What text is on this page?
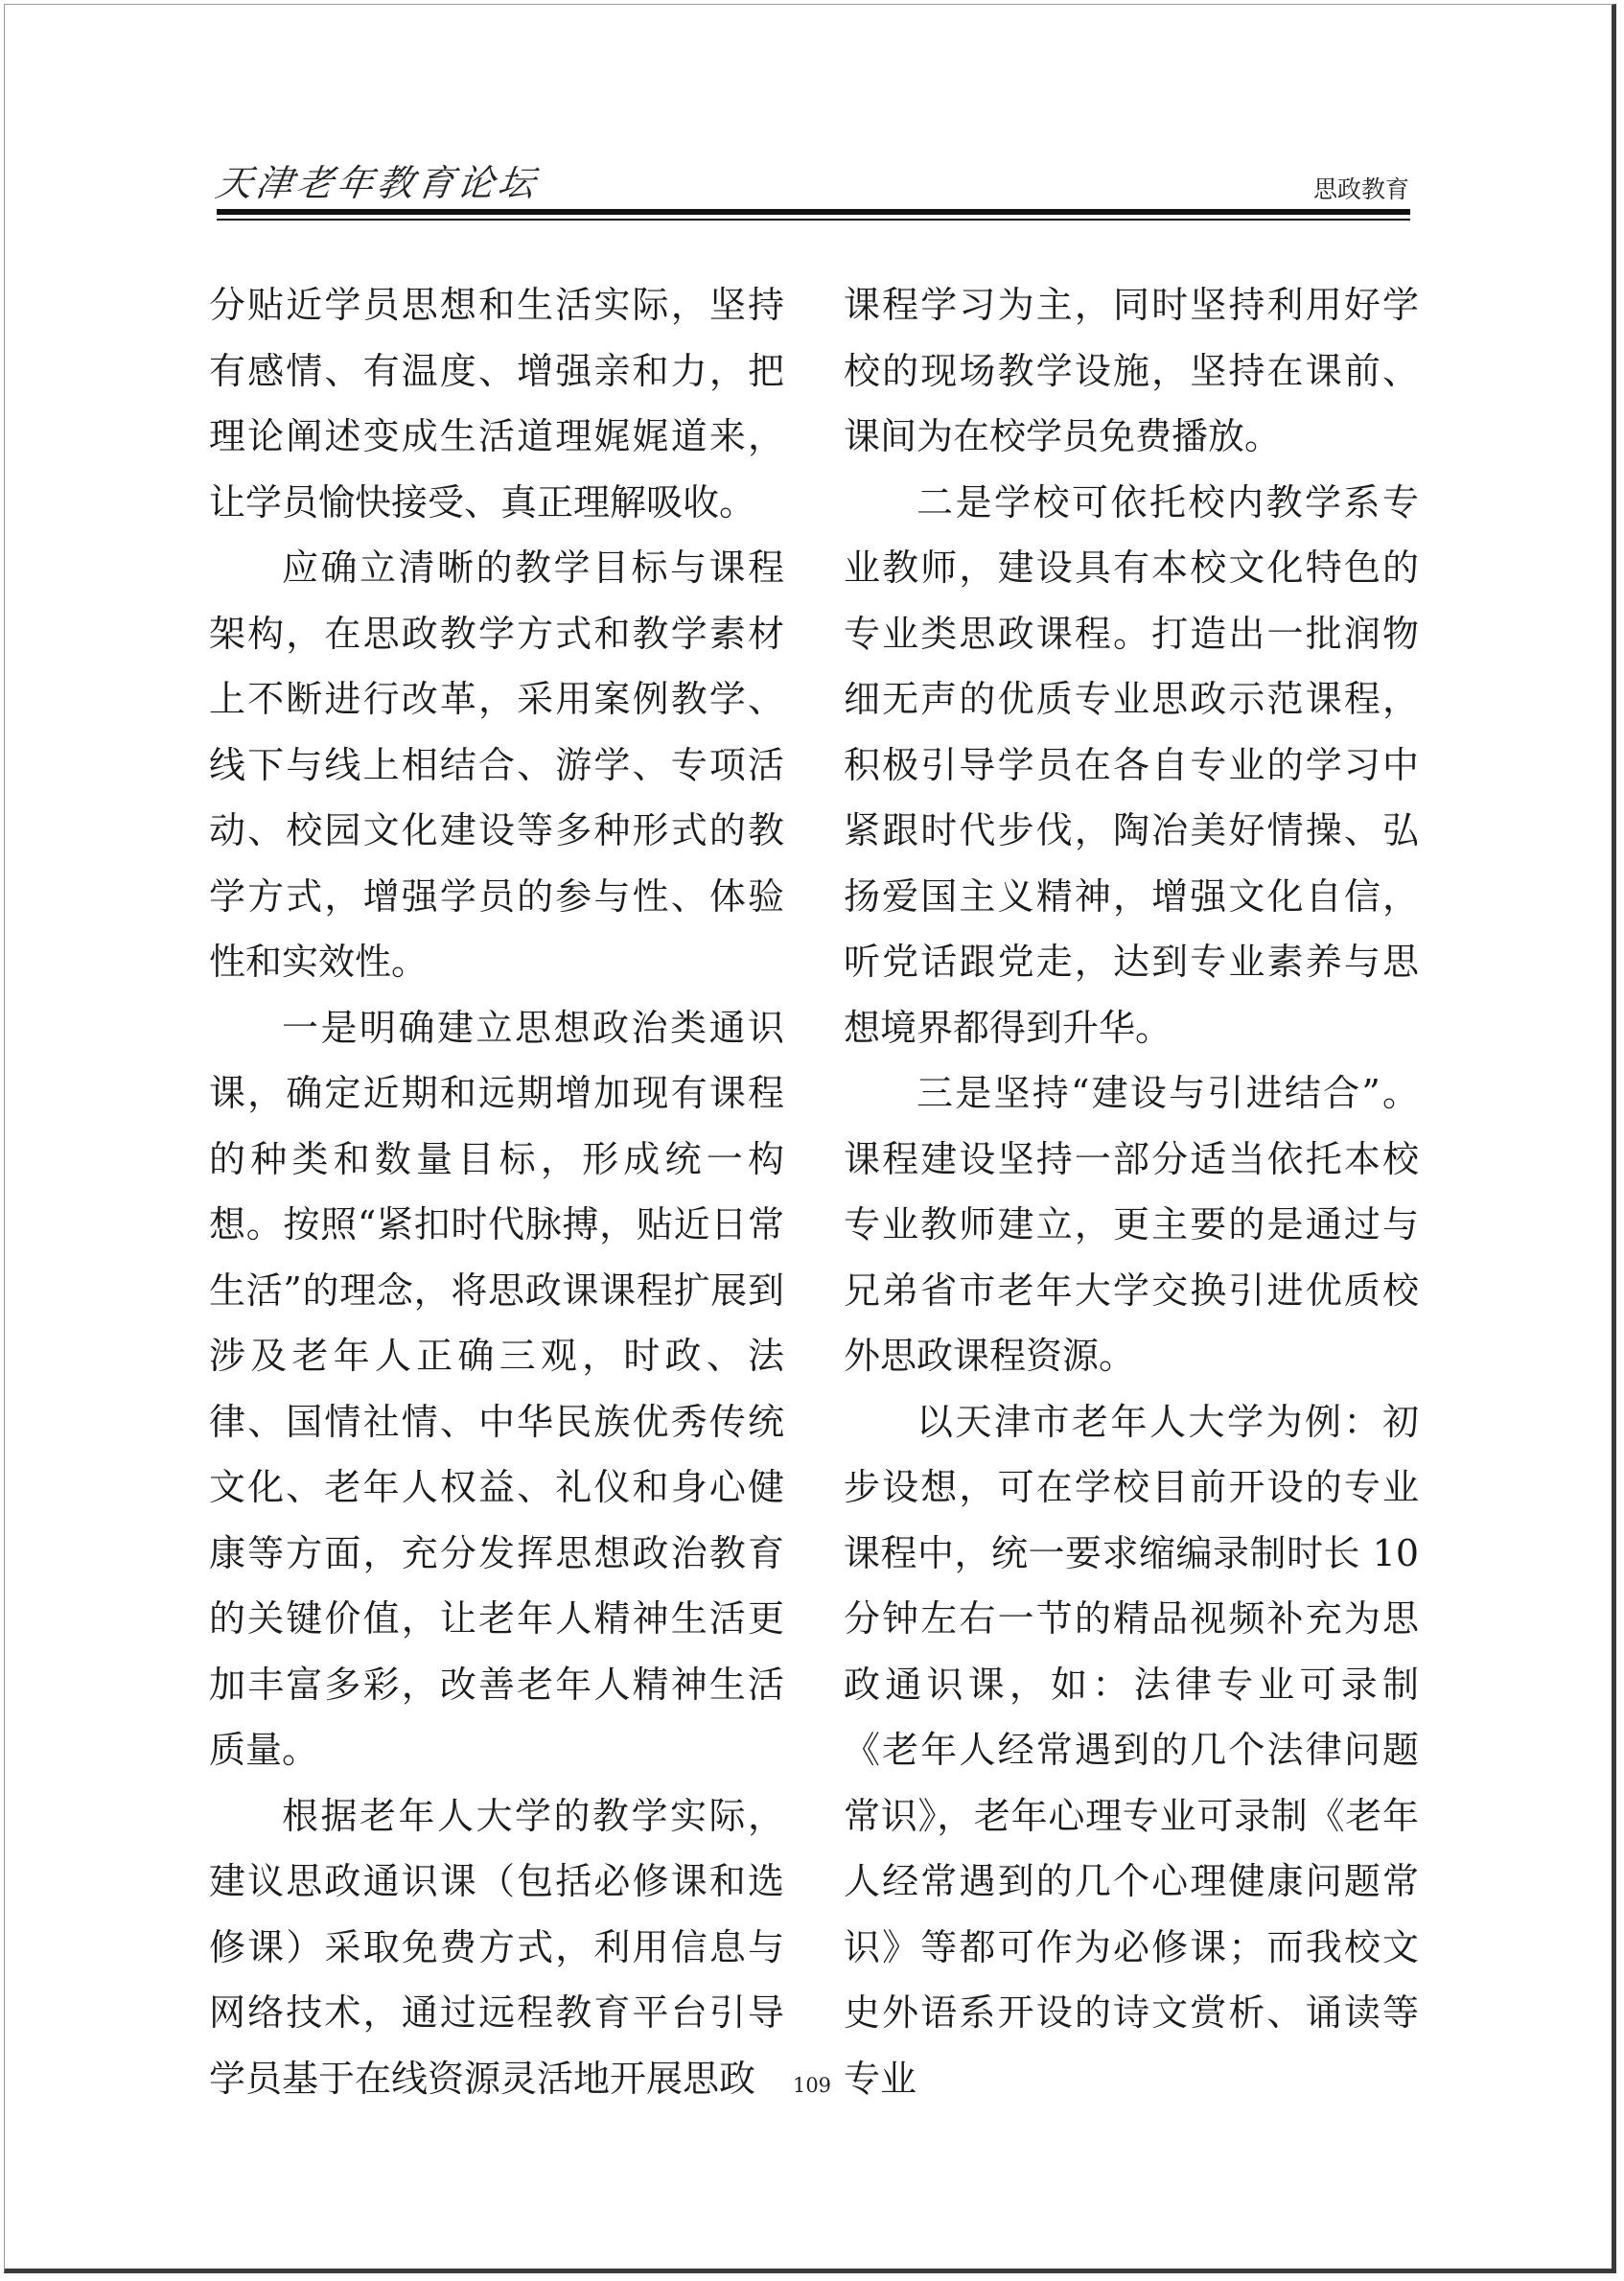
天津老年教育论坛	思政教育

分贴近学员思想和生活实际，坚持有感情、有温度、增强亲和力，把理论阐述变成生活道理娓娓道来，让学员愉快接受、真正理解吸收。

应确立清晰的教学目标与课程架构，在思政教学方式和教学素材上不断进行改革，采用案例教学、线下与线上相结合、游学、专项活动、校园文化建设等多种形式的教学方式，增强学员的参与性、体验性和实效性。

一是明确建立思想政治类通识课，确定近期和远期增加现有课程的种类和数量目标，形成统一构想。按照“紧扣时代脉搏，贴近日常生活”的理念，将思政课课程扩展到涉及老年人正确三观，时政、法律、国情社情、中华民族优秀传统文化、老年人权益、礼仪和身心健康等方面，充分发挥思想政治教育的关键价值，让老年人精神生活更加丰富多彩，改善老年人精神生活质量。

根据老年人大学的教学实际，建议思政通识课（包括必修课和选修课）采取免费方式，利用信息与网络技术，通过远程教育平台引导学员基于在线资源灵活地开展思政

课程学习为主，同时坚持利用好学校的现场教学设施，坚持在课前、课间为在校学员免费播放。

二是学校可依托校内教学系专业教师，建设具有本校文化特色的专业类思政课程。打造出一批润物细无声的优质专业思政示范课程，积极引导学员在各自专业的学习中紧跟时代步伐，陶冶美好情操、弘扬爱国主义精神，增强文化自信，听党话跟党走，达到专业素养与思想境界都得到升华。

三是坚持“建设与引进结合”。课程建设坚持一部分适当依托本校专业教师建立，更主要的是通过与兄弟省市老年大学交换引进优质校外思政课程资源。

以天津市老年人大学为例：初步设想，可在学校目前开设的专业课程中，统一要求缩编录制时长 10 分钟左右一节的精品视频补充为思政通识课，如：法律专业可录制《老年人经常遇到的几个法律问题常识》，老年心理专业可录制《老年人经常遇到的几个心理健康问题常识》等都可作为必修课；而我校文史外语系开设的诗文赏析、诵读等专业

109
